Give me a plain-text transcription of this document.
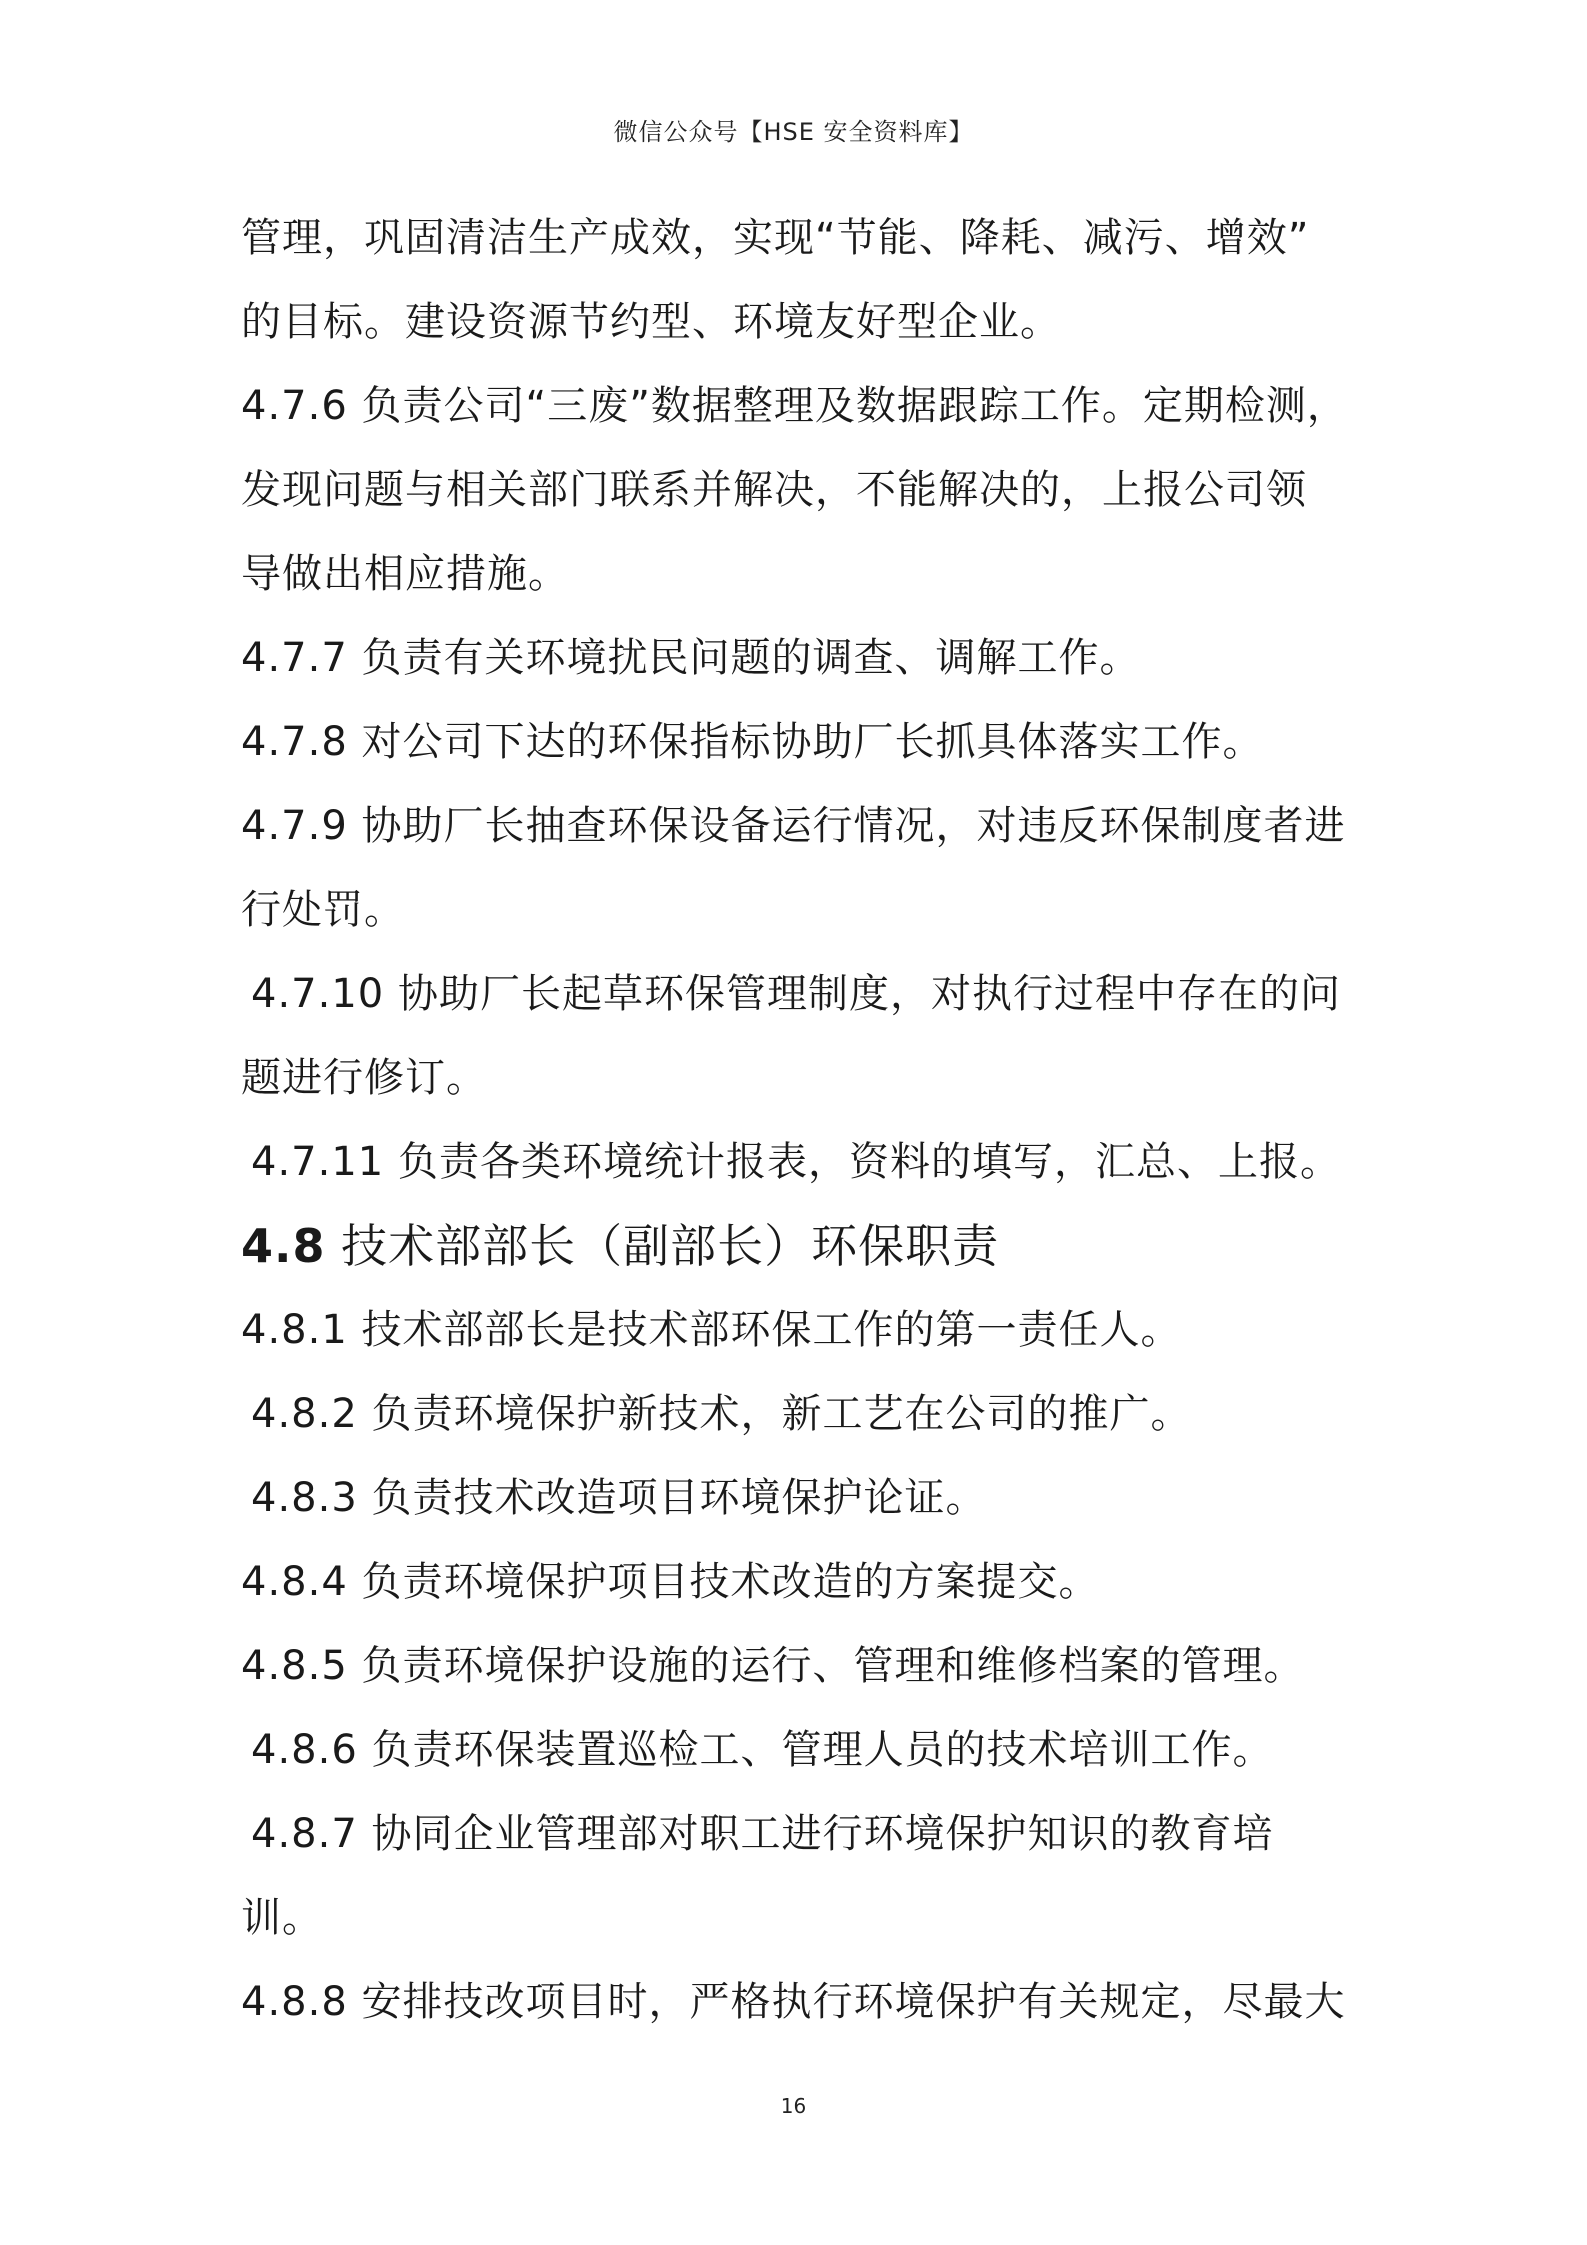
微信公众号【HSE 安全资料库】
管理，巩固清洁生产成效，实现“节能、降耗、减污、增效”
的目标。建设资源节约型、环境友好型企业。
4.7.6 负责公司“三废”数据整理及数据跟踪工作。定期检测，
发现问题与相关部门联系并解决，不能解决的，上报公司领
导做出相应措施。
4.7.7 负责有关环境扰民问题的调查、调解工作。
4.7.8 对公司下达的环保指标协助厂长抓具体落实工作。
4.7.9 协助厂长抽查环保设备运行情况，对违反环保制度者进
行处罚。
4.7.10 协助厂长起草环保管理制度，对执行过程中存在的问
题进行修订。
4.7.11 负责各类环境统计报表，资料的填写，汇总、上报。
4.8 技术部部长（副部长）环保职责
4.8.1 技术部部长是技术部环保工作的第一责任人。
4.8.2 负责环境保护新技术，新工艺在公司的推广。
4.8.3 负责技术改造项目环境保护论证。
4.8.4 负责环境保护项目技术改造的方案提交。
4.8.5 负责环境保护设施的运行、管理和维修档案的管理。
4.8.6 负责环保装置巡检工、管理人员的技术培训工作。
4.8.7 协同企业管理部对职工进行环境保护知识的教育培
训。
4.8.8 安排技改项目时，严格执行环境保护有关规定，尽最大
16
